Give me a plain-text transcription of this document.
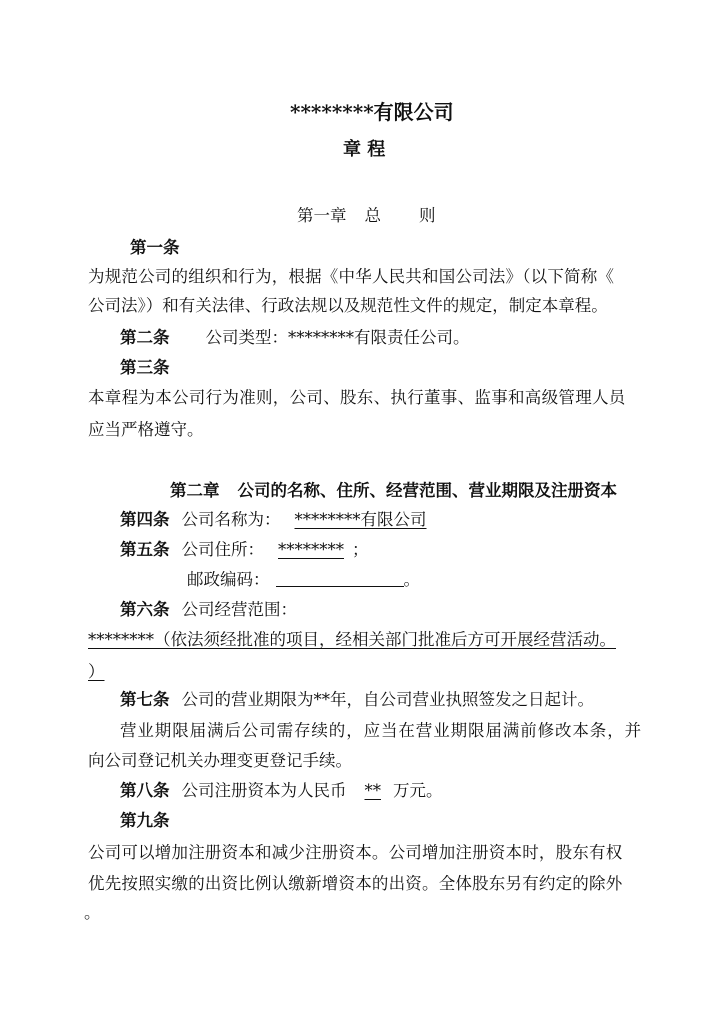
********有限公司
章 程
第一章 总 则
第一条
为规范公司的组织和行为，根据《中华人民共和国公司法》（以下简称《
公司法》）和有关法律、行政法规以及规范性文件的规定，制定本章程。
第二条 公司类型：********有限责任公司。
第三条
本章程为本公司行为准则，公司、股东、执行董事、监事和高级管理人员
应当严格遵守。
第二章 公司的名称、住所、经营范围、营业期限及注册资本
第四条 公司名称为： ********有限公司
第五条 公司住所： ******** ；
邮政编码：	。
第六条 公司经营范围：
********（依法须经批准的项目，经相关部门批准后方可开展经营活动。
）
第七条 公司的营业期限为**年，自公司营业执照签发之日起计。
营业期限届满后公司需存续的，应当在营业期限届满前修改本条，并
向公司登记机关办理变更登记手续。
第八条 公司注册资本为人民币 ** 万元。
第九条
公司可以增加注册资本和减少注册资本。公司增加注册资本时，股东有权
优先按照实缴的出资比例认缴新增资本的出资。全体股东另有约定的除外
。
